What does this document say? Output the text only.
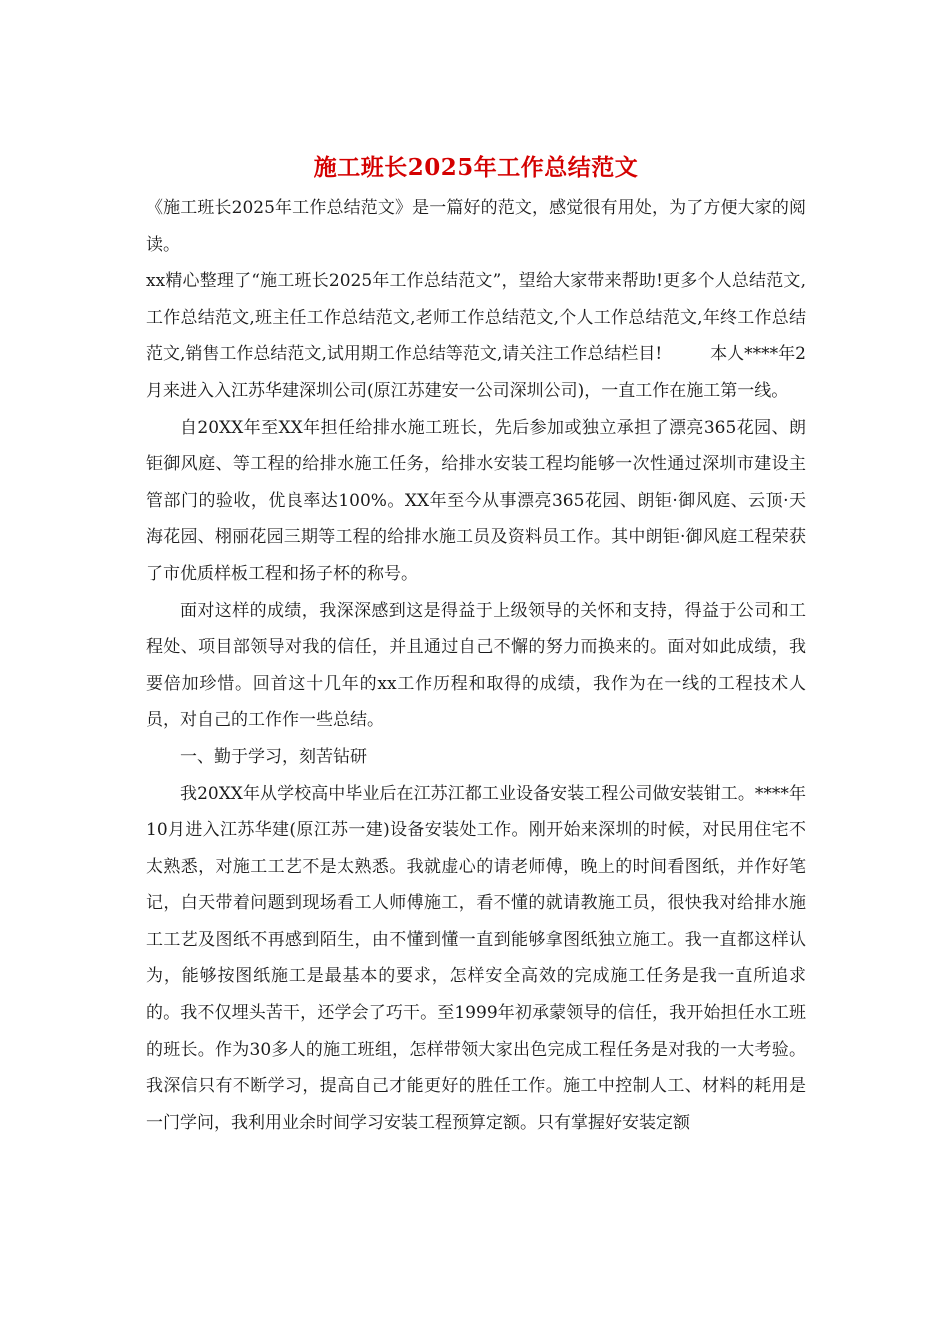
施工班长2025年工作总结范文

《施工班长2025年工作总结范文》是一篇好的范文，感觉很有用处，为了方便大家的阅读。

xx精心整理了“施工班长2025年工作总结范文”，望给大家带来帮助!更多个人总结范文,工作总结范文,班主任工作总结范文,老师工作总结范文,个人工作总结范文,年终工作总结范文,销售工作总结范文,试用期工作总结等范文,请关注工作总结栏目!	本人****年2月来进入入江苏华建深圳公司(原江苏建安一公司深圳公司)，一直工作在施工第一线。

自20XX年至XX年担任给排水施工班长，先后参加或独立承担了漂亮365花园、朗钜御风庭、等工程的给排水施工任务，给排水安装工程均能够一次性通过深圳市建设主管部门的验收，优良率达100%。XX年至今从事漂亮365花园、朗钜·御风庭、云顶·天海花园、栩丽花园三期等工程的给排水施工员及资料员工作。其中朗钜·御风庭工程荣获了市优质样板工程和扬子杯的称号。

面对这样的成绩，我深深感到这是得益于上级领导的关怀和支持，得益于公司和工程处、项目部领导对我的信任，并且通过自己不懈的努力而换来的。面对如此成绩，我要倍加珍惜。回首这十几年的xx工作历程和取得的成绩，我作为在一线的工程技术人员，对自己的工作作一些总结。

一、勤于学习，刻苦钻研

我20XX年从学校高中毕业后在江苏江都工业设备安装工程公司做安装钳工。****年10月进入江苏华建(原江苏一建)设备安装处工作。刚开始来深圳的时候，对民用住宅不太熟悉，对施工工艺不是太熟悉。我就虚心的请老师傅，晚上的时间看图纸，并作好笔记，白天带着问题到现场看工人师傅施工，看不懂的就请教施工员，很快我对给排水施工工艺及图纸不再感到陌生，由不懂到懂一直到能够拿图纸独立施工。我一直都这样认为，能够按图纸施工是最基本的要求，怎样安全高效的完成施工任务是我一直所追求的。我不仅埋头苦干，还学会了巧干。至1999年初承蒙领导的信任，我开始担任水工班的班长。作为30多人的施工班组，怎样带领大家出色完成工程任务是对我的一大考验。我深信只有不断学习，提高自己才能更好的胜任工作。施工中控制人工、材料的耗用是一门学问，我利用业余时间学习安装工程预算定额。只有掌握好安装定额
